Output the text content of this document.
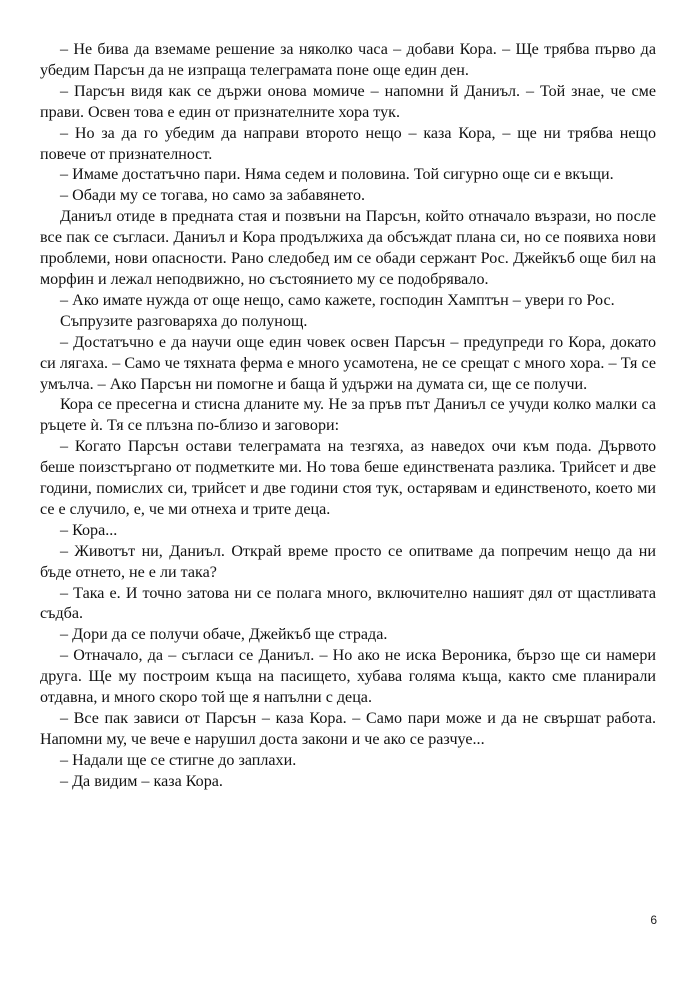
– Не бива да вземаме решение за няколко часа – добави Кора. – Ще трябва първо да убедим Парсън да не изпраща телеграмата поне още един ден.

– Парсън видя как се държи онова момиче – напомни й Даниъл. – Той знае, че сме прави. Освен това е един от признателните хора тук.

– Но за да го убедим да направи второто нещо – каза Кора, – ще ни трябва нещо повече от признателност.

– Имаме достатъчно пари. Няма седем и половина. Той сигурно още си е вкъщи.

– Обади му се тогава, но само за забавянето.

Даниъл отиде в предната стая и позвъни на Парсън, който отначало възрази, но после все пак се съгласи. Даниъл и Кора продължиха да обсъждат плана си, но се появиха нови проблеми, нови опасности. Рано следобед им се обади сержант Рос. Джейкъб още бил на морфин и лежал неподвижно, но състоянието му се подобрявало.

– Ако имате нужда от още нещо, само кажете, господин Хамптън – увери го Рос.

Съпрузите разговаряха до полунощ.

– Достатъчно е да научи още един човек освен Парсън – предупреди го Кора, докато си лягаха. – Само че тяхната ферма е много усамотена, не се срещат с много хора. – Тя се умълча. – Ако Парсън ни помогне и баща й удържи на думата си, ще се получи.

Кора се пресегна и стисна дланите му. Не за пръв път Даниъл се учуди колко малки са ръцете ѝ. Тя се плъзна по-близо и заговори:

– Когато Парсън остави телеграмата на тезгяха, аз наведох очи към пода. Дървото беше поизстъргано от подметките ми. Но това беше единствената разлика. Трийсет и две години, помислих си, трийсет и две години стоя тук, остарявам и единственото, което ми се е случило, е, че ми отнеха и трите деца.

– Кора...

– Животът ни, Даниъл. Открай време просто се опитваме да попречим нещо да ни бъде отнето, не е ли така?

– Така е. И точно затова ни се полага много, включително нашият дял от щастливата съдба.

– Дори да се получи обаче, Джейкъб ще страда.

– Отначало, да – съгласи се Даниъл. – Но ако не иска Вероника, бързо ще си намери друга. Ще му построим къща на пасището, хубава голяма къща, както сме планирали отдавна, и много скоро той ще я напълни с деца.

– Все пак зависи от Парсън – каза Кора. – Само пари може и да не свършат работа. Напомни му, че вече е нарушил доста закони и че ако се разчуе...

– Надали ще се стигне до заплахи.

– Да видим – каза Кора.

6
